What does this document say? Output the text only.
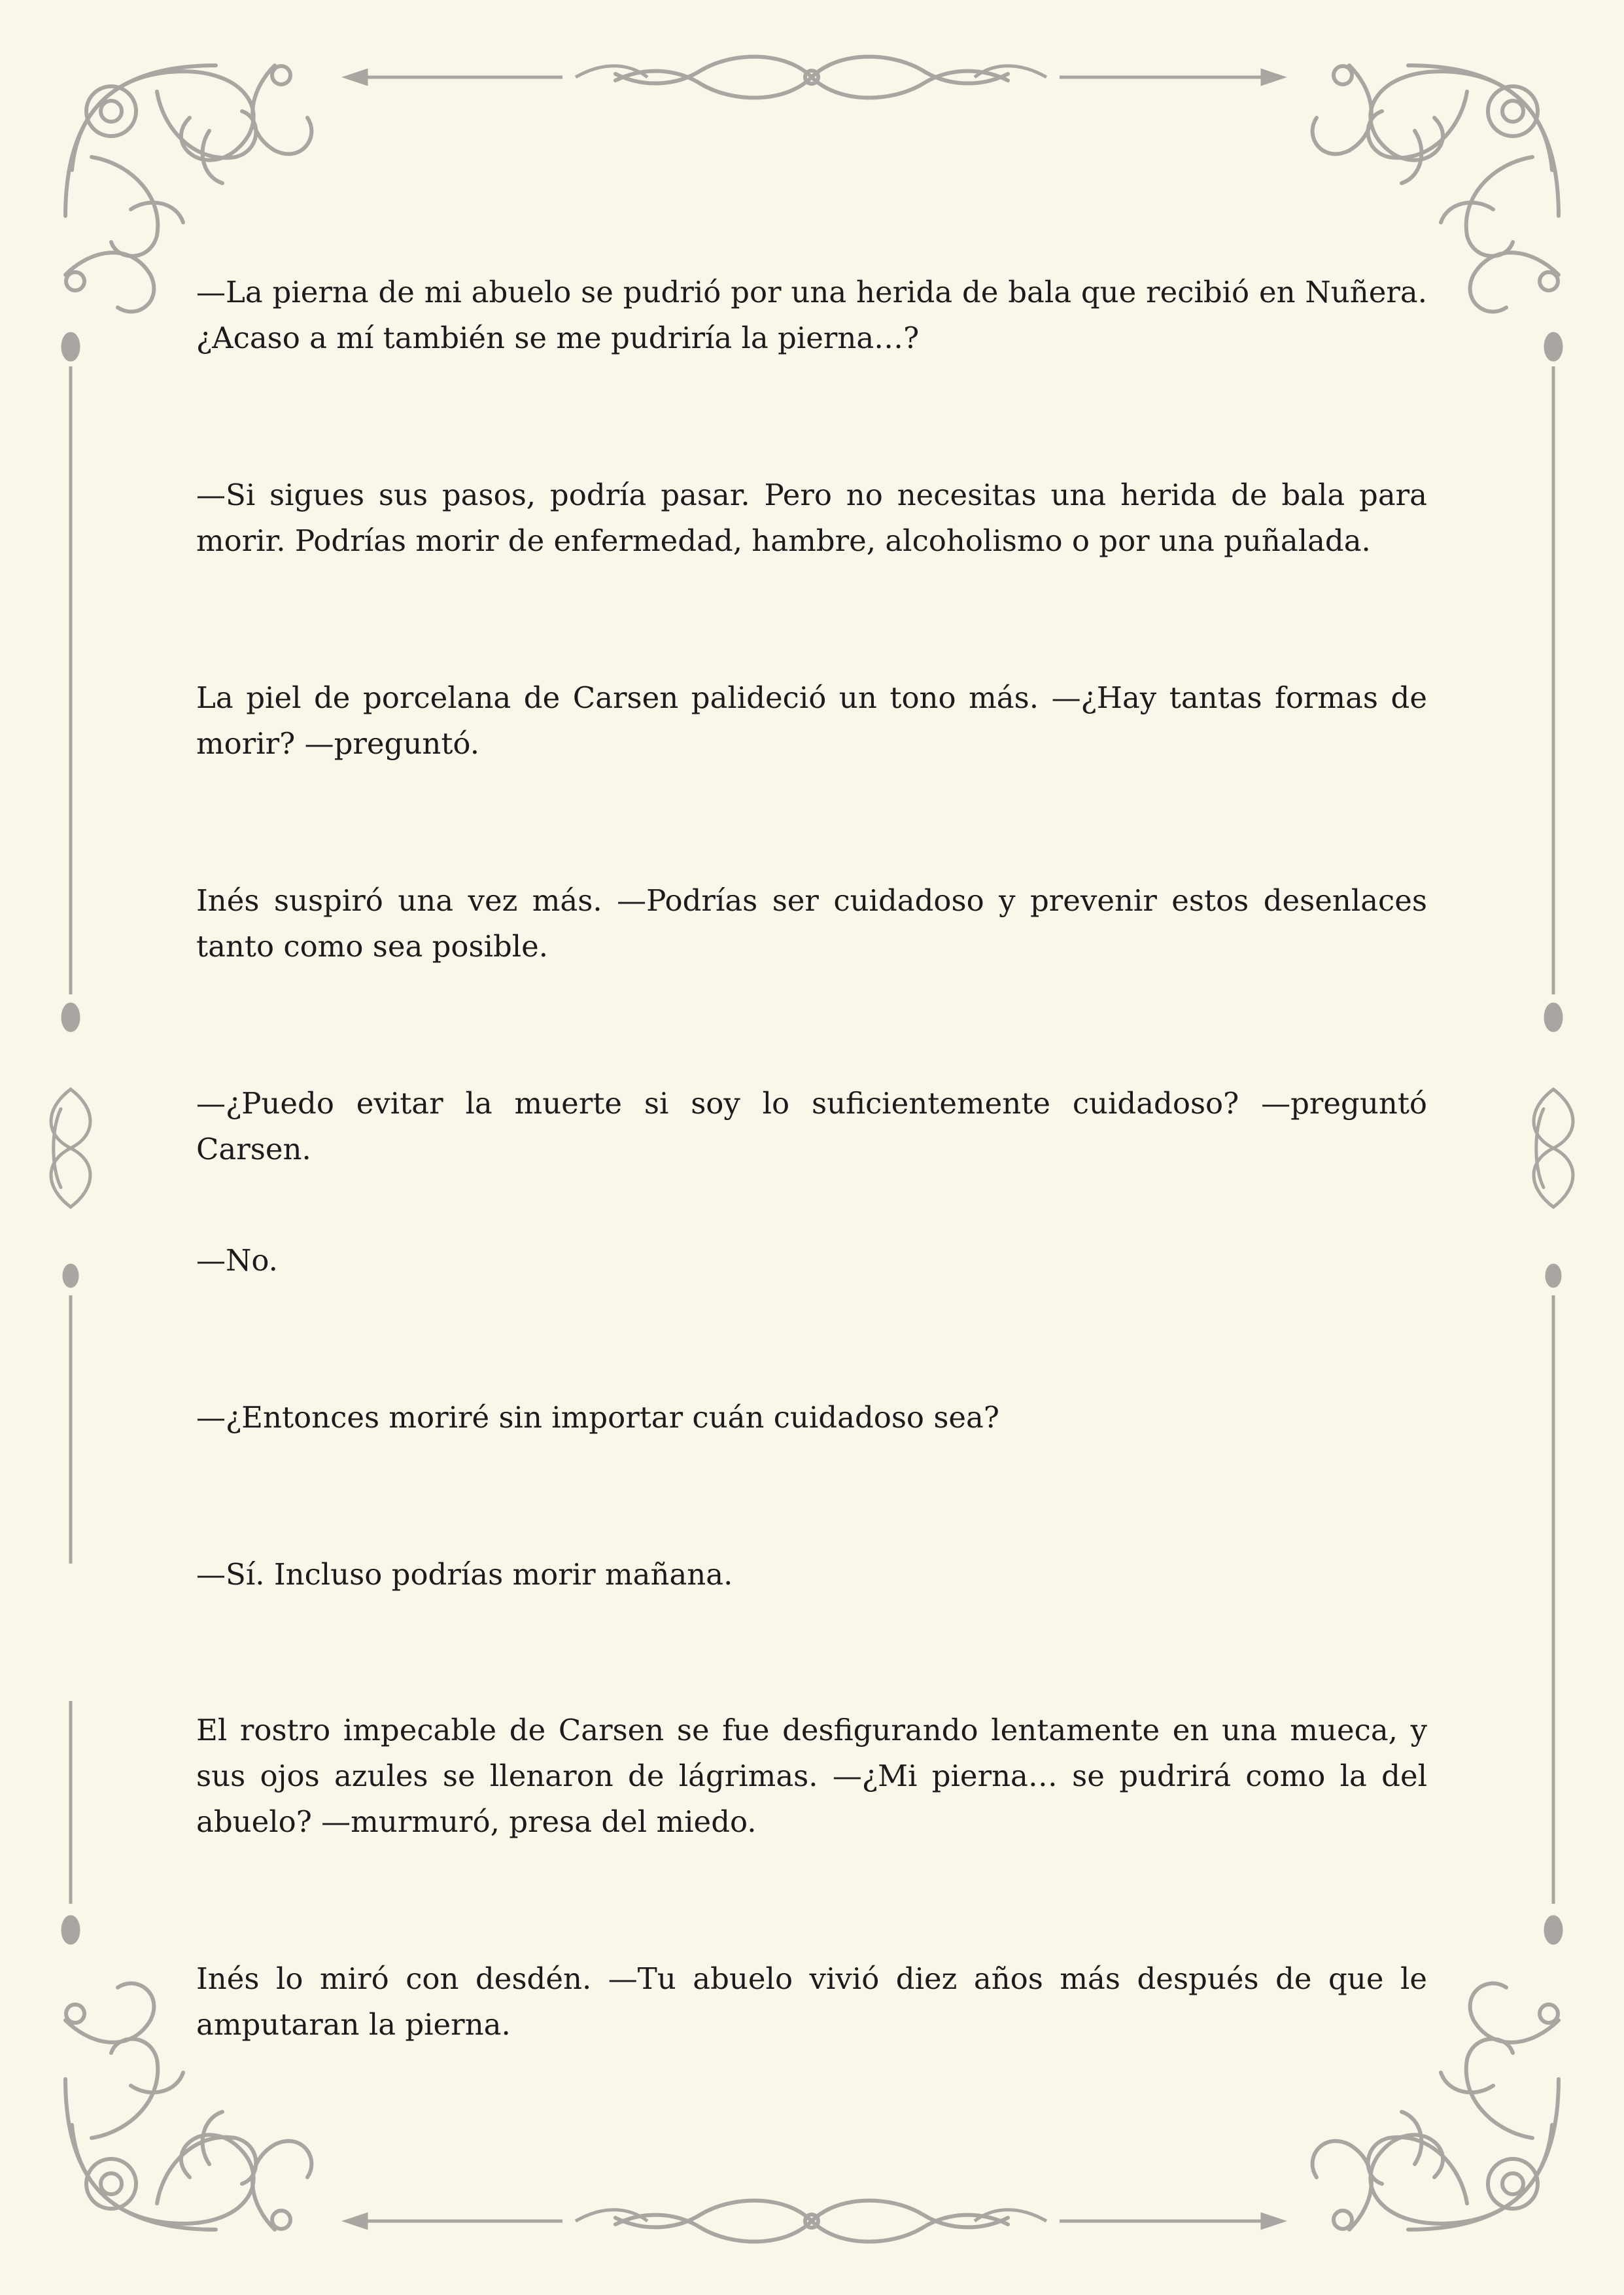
—La pierna de mi abuelo se pudrió por una herida de bala que recibió en Nuñera. ¿Acaso a mí también se me pudriría la pierna…?

—Si sigues sus pasos, podría pasar. Pero no necesitas una herida de bala para morir. Podrías morir de enfermedad, hambre, alcoholismo o por una puñalada.

La piel de porcelana de Carsen palideció un tono más. —¿Hay tantas formas de morir? —preguntó.

Inés suspiró una vez más. —Podrías ser cuidadoso y prevenir estos desenlaces tanto como sea posible.

—¿Puedo evitar la muerte si soy lo suficientemente cuidadoso? —preguntó Carsen.

—No.

—¿Entonces moriré sin importar cuán cuidadoso sea?

—Sí. Incluso podrías morir mañana.

El rostro impecable de Carsen se fue desfigurando lentamente en una mueca, y sus ojos azules se llenaron de lágrimas. —¿Mi pierna… se pudrirá como la del abuelo? —murmuró, presa del miedo.

Inés lo miró con desdén. —Tu abuelo vivió diez años más después de que le amputaran la pierna.
